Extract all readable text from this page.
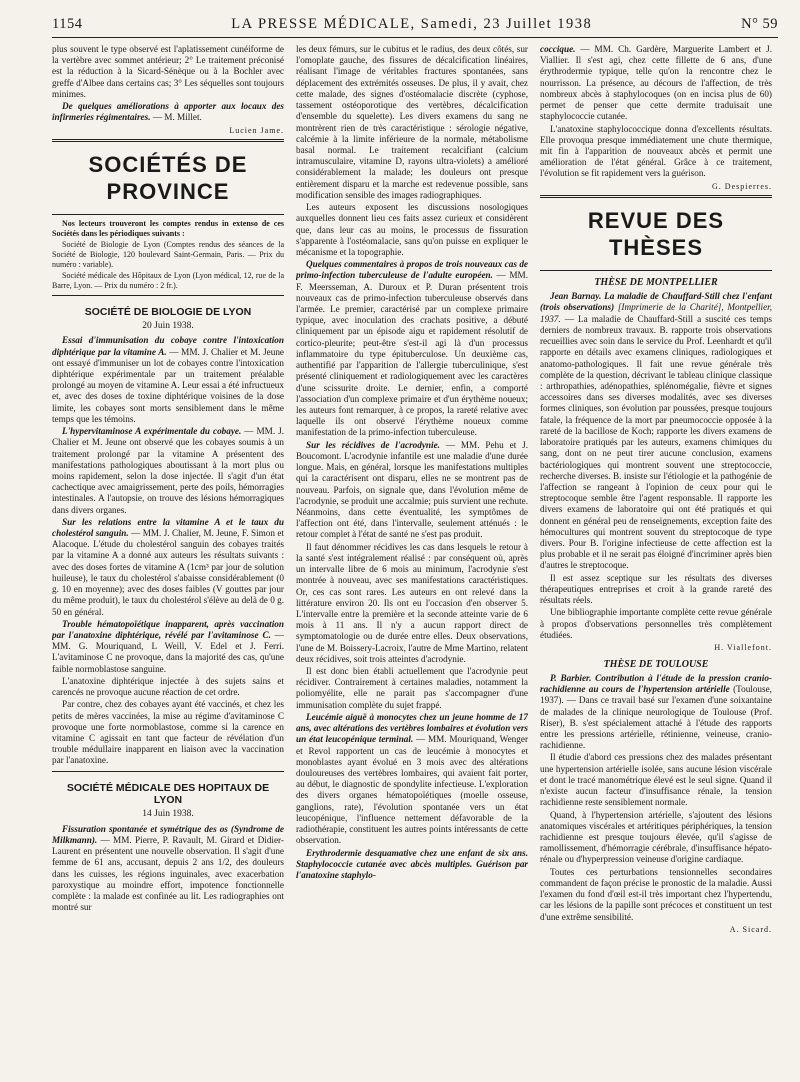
1154	LA PRESSE MÉDICALE, Samedi, 23 Juillet 1938	N° 59

plus souvent le type observé est l'aplatissement cunéiforme de la vertèbre avec sommet antérieur; 2° Le traitement préconisé est la réduction à la Sicard-Sénèque ou à la Bochler avec greffe d'Albee dans certains cas; 3° Les séquelles sont toujours minimes.

De quelques améliorations à apporter aux locaux des infirmeries régimentaires. — M. Millet.

Lucien Jame.
SOCIÉTÉS DE PROVINCE

Nos lecteurs trouveront les comptes rendus in extenso de ces Sociétés dans les périodiques suivants :

Société de Biologie de Lyon (Comptes rendus des séances de la Société de Biologie, 120 boulevard Saint-Germain, Paris. — Prix du numéro : variable).

Société médicale des Hôpitaux de Lyon (Lyon médical, 12, rue de la Barre, Lyon. — Prix du numéro : 2 fr.).

SOCIÉTÉ DE BIOLOGIE DE LYON
20 Juin 1938.

Essai d'immunisation du cobaye contre l'intoxication diphtérique par la vitamine A. — MM. J. Chalier et M. Jeune ont essayé d'immuniser un lot de cobayes contre l'intoxication diphtérique expérimentale par un traitement préalable prolongé au moyen de vitamine A. Leur essai a été infructueux et, avec des doses de toxine diphtérique voisines de la dose limite, les cobayes sont morts sensiblement dans le même temps que les témoins.

L'hypervitaminose A expérimentale du cobaye. — MM. J. Chalier et M. Jeune ont observé que les cobayes soumis à un traitement prolongé par la vitamine A présentent des manifestations pathologiques aboutissant à la mort plus ou moins rapidement, selon la dose injectée. Il s'agit d'un état cachectique avec amaigrissement, perte des poils, hémorragies intestinales. A l'autopsie, on trouve des lésions hémorragiques dans divers organes.

Sur les relations entre la vitamine A et le taux du cholestérol sanguin. — MM. J. Chalier, M. Jeune, F. Simon et Alacoque. L'étude du cholestérol sanguin des cobayes traités par la vitamine A a donné aux auteurs les résultats suivants : avec des doses fortes de vitamine A (1cm³ par jour de solution huileuse), le taux du cholestérol s'abaisse considérablement (0 g. 10 en moyenne); avec des doses faibles (V gouttes par jour du même produit), le taux du cholestérol s'élève au delà de 0 g. 50 en général.

Trouble hématopoïétique inapparent, après vaccination par l'anatoxine diphtérique, révélé par l'avitaminose C. — MM. G. Mouriquand, L Weill, V. Edel et J. Ferri. L'avitaminose C ne provoque, dans la majorité des cas, qu'une faible normoblastose sanguine.

L'anatoxine diphtérique injectée à des sujets sains et carencés ne provoque aucune réaction de cet ordre.

Par contre, chez des cobayes ayant été vaccinés, et chez les petits de mères vaccinées, la mise au régime d'avitaminose C provoque une forte normoblastose, comme si la carence en vitamine C agissait en tant que facteur de révélation d'un trouble médullaire inapparent en liaison avec la vaccination par l'anatoxine.

SOCIÉTÉ MÉDICALE DES HOPITAUX DE LYON
14 Juin 1938.

Fissuration spontanée et symétrique des os (Syndrome de Milkmann). — MM. Pierre, P. Ravault, M. Girard et Didier-Laurent en présentent une nouvelle observation. Il s'agit d'une femme de 61 ans, accusant, depuis 2 ans 1/2, des douleurs dans les cuisses, les régions inguinales, avec exacerbation paroxystique au moindre effort, impotence fonctionnelle complète : la malade est confinée au lit. Les radiographies ont montré sur

les deux fémurs, sur le cubitus et le radius, des deux côtés, sur l'omoplate gauche, des fissures de décalcification linéaires, réalisant l'image de véritables fractures spontanées, sans déplacement des extrémités osseuses. De plus, il y avait, chez cette malade, des signes d'ostéomalacie discrète (cyphose, tassement ostéoporotique des vertèbres, décalcification d'ensemble du squelette). Les divers examens du sang ne montrèrent rien de très caractéristique : sérologie négative, calcémie à la limite inférieure de la normale, métabolisme basal normal. Le traitement recalcifiant (calcium intramusculaire, vitamine D, rayons ultra-violets) a amélioré considérablement la malade; les douleurs ont presque entièrement disparu et la marche est redevenue possible, sans modification sensible des images radiographiques.

Les auteurs exposent les discussions nosologiques auxquelles donnent lieu ces faits assez curieux et considèrent que, dans leur cas au moins, le processus de fissuration s'apparente à l'ostéomalacie, sans qu'on puisse en expliquer le mécanisme et la topographie.

Quelques commentaires à propos de trois nouveaux cas de primo-infection tuberculeuse de l'adulte européen. — MM. F. Meersseman, A. Duroux et P. Duran présentent trois nouveaux cas de primo-infection tuberculeuse observés dans l'armée. Le premier, caractérisé par un complexe primaire typique, avec inoculation des crachats positive, a débuté cliniquement par un épisode aigu et rapidement résolutif de cortico-pleurite; peut-être s'est-il agi là d'un processus inflammatoire du type épituberculose. Un deuxième cas, authentifié par l'apparition de l'allergie tuberculinique, s'est présenté cliniquement et radiologiquement avec les caractères d'une scissurite droite. Le dernier, enfin, a comporté l'association d'un complexe primaire et d'un érythème noueux; les auteurs font remarquer, à ce propos, la rareté relative avec laquelle ils ont observé l'érythème noueux comme manifestation de la primo-infection tuberculeuse.

Sur les récidives de l'acrodynie. — MM. Pehu et J. Boucomont. L'acrodynie infantile est une maladie d'une durée longue. Mais, en général, lorsque les manifestations multiples qui la caractérisent ont disparu, elles ne se montrent pas de nouveau. Parfois, on signale que, dans l'évolution même de l'acrodynie, se produit une accalmie; puis survient une rechute. Néanmoins, dans cette éventualité, les symptômes de l'affection ont été, dans l'intervalle, seulement atténués : le retour complet à l'état de santé ne s'est pas produit.

Il faut dénommer récidives les cas dans lesquels le retour à la santé s'est intégralement réalisé : par conséquent où, après un intervalle libre de 6 mois au minimum, l'acrodynie s'est montrée à nouveau, avec ses manifestations caractéristiques. Or, ces cas sont rares. Les auteurs en ont relevé dans la littérature environ 20. Ils ont eu l'occasion d'en observer 5. L'intervalle entre la première et la seconde atteinte varie de 6 mois à 11 ans. Il n'y a aucun rapport direct de symptomatologie ou de durée entre elles. Deux observations, l'une de M. Boissery-Lacroix, l'autre de Mme Martino, relatent deux récidives, soit trois atteintes d'acrodynie.

Il est donc bien établi actuellement que l'acrodynie peut récidiver. Contrairement à certaines maladies, notamment la poliomyélite, elle ne parait pas s'accompagner d'une immunisation complète du sujet frappé.

Leucémie aiguë à monocytes chez un jeune homme de 17 ans, avec altérations des vertèbres lombaires et évolution vers un état leucopénique terminal. — MM. Mouriquand, Wenger et Revol rapportent un cas de leucémie à monocytes et monoblastes ayant évolué en 3 mois avec des altérations douloureuses des vertèbres lombaires, qui avaient fait porter, au début, le diagnostic de spondylite infectieuse. L'exploration des divers organes hématopoïétiques (moelle osseuse, ganglions, rate), l'évolution spontanée vers un état leucopénique, l'influence nettement défavorable de la radiothérapie, constituent les autres points intéressants de cette observation.

Erythrodermie desquamative chez une enfant de six ans. Staphylococcie cutanée avec abcès multiples. Guérison par l'anatoxine staphylo-

coccique. — MM. Ch. Gardère, Marguerite Lambert et J. Viallier. Il s'est agi, chez cette fillette de 6 ans, d'une érythrodermie typique, telle qu'on la rencontre chez le nourrisson. La présence, au décours de l'affection, de très nombreux abcès à staphylocoques (on en incisa plus de 60) permet de penser que cette dermite traduisait une staphylococcie cutanée.

L'anatoxine staphylococcique donna d'excellents résultats. Elle provoqua presque immédiatement une chute thermique, mit fin à l'apparition de nouveaux abcès et permit une amélioration de l'état général. Grâce à ce traitement, l'évolution se fit rapidement vers la guérison.

G. Despierres.
REVUE DES THÈSES
THÈSE DE MONTPELLIER

Jean Barnay. La maladie de Chauffard-Still chez l'enfant (trois observations) [Imprimerie de la Charité], Montpellier, 1937. — La maladie de Chauffard-Still a suscité ces temps derniers de nombreux travaux. B. rapporte trois observations recueillies avec soin dans le service du Prof. Leenhardt et qu'il rapporte en détails avec examens cliniques, radiologiques et anatomo-pathologiques. Il fait une revue générale très complète de la question, décrivant le tableau clinique classique : arthropathies, adénopathies, splénomégalie, fièvre et signes accessoires dans ses diverses modalités, avec ses diverses formes cliniques, son évolution par poussées, presque toujours fatale, la fréquence de la mort par pneumococcie opposée à la rareté de la bacillose de Koch; rapporte les divers examens de laboratoire pratiqués par les auteurs, examens chimiques du sang, dont on ne peut tirer aucune conclusion, examens bactériologiques qui montrent souvent une streptococcie, recherche diverses. B. insiste sur l'étiologie et la pathogénie de l'affection se rangeant à l'opinion de ceux pour qui le streptocoque semble être l'agent responsable. Il rapporte les divers examens de laboratoire qui ont été pratiqués et qui donnent en général peu de renseignements, exception faite des hémocultures qui montrent souvent du streptocoque de type divers. Pour B. l'origine infectieuse de cette affection est la plus probable et il ne serait pas éloigné d'incriminer après bien d'autres le streptocoque.

Il est assez sceptique sur les résultats des diverses thérapeutiques entreprises et croit à la grande rareté des résultats réels.

Une bibliographie importante complète cette revue générale à propos d'observations personnelles très complètement étudiées.

H. Viallefont.
THÈSE DE TOULOUSE

P. Barbier. Contribution à l'étude de la pression cranio-rachidienne au cours de l'hypertension artérielle (Toulouse, 1937). — Dans ce travail basé sur l'examen d'une soixantaine de malades de la clinique neurologique de Toulouse (Prof. Riser), B. s'est spécialement attaché à l'étude des rapports entre les pressions artérielle, rétinienne, veineuse, cranio-rachidienne.

Il étudie d'abord ces pressions chez des malades présentant une hypertension artérielle isolée, sans aucune lésion viscérale et dont le tracé manométrique élevé est le seul signe. Quand il n'existe aucun facteur d'insuffisance rénale, la tension rachidienne reste sensiblement normale.

Quand, à l'hypertension artérielle, s'ajoutent des lésions anatomiques viscérales et artéritiques périphériques, la tension rachidienne est presque toujours élevée, qu'il s'agisse de ramollissement, d'hémorragie cérébrale, d'insuffisance hépato-rénale ou d'hyperpression veineuse d'origine cardiaque.

Toutes ces perturbations tensionnelles secondaires commandent de façon précise le pronostic de la maladie. Aussi l'examen du fond d'œil est-il très important chez l'hypertendu, car les lésions de la papille sont précoces et constituent un test d'une extrême sensibilité.

A. Sicard.
